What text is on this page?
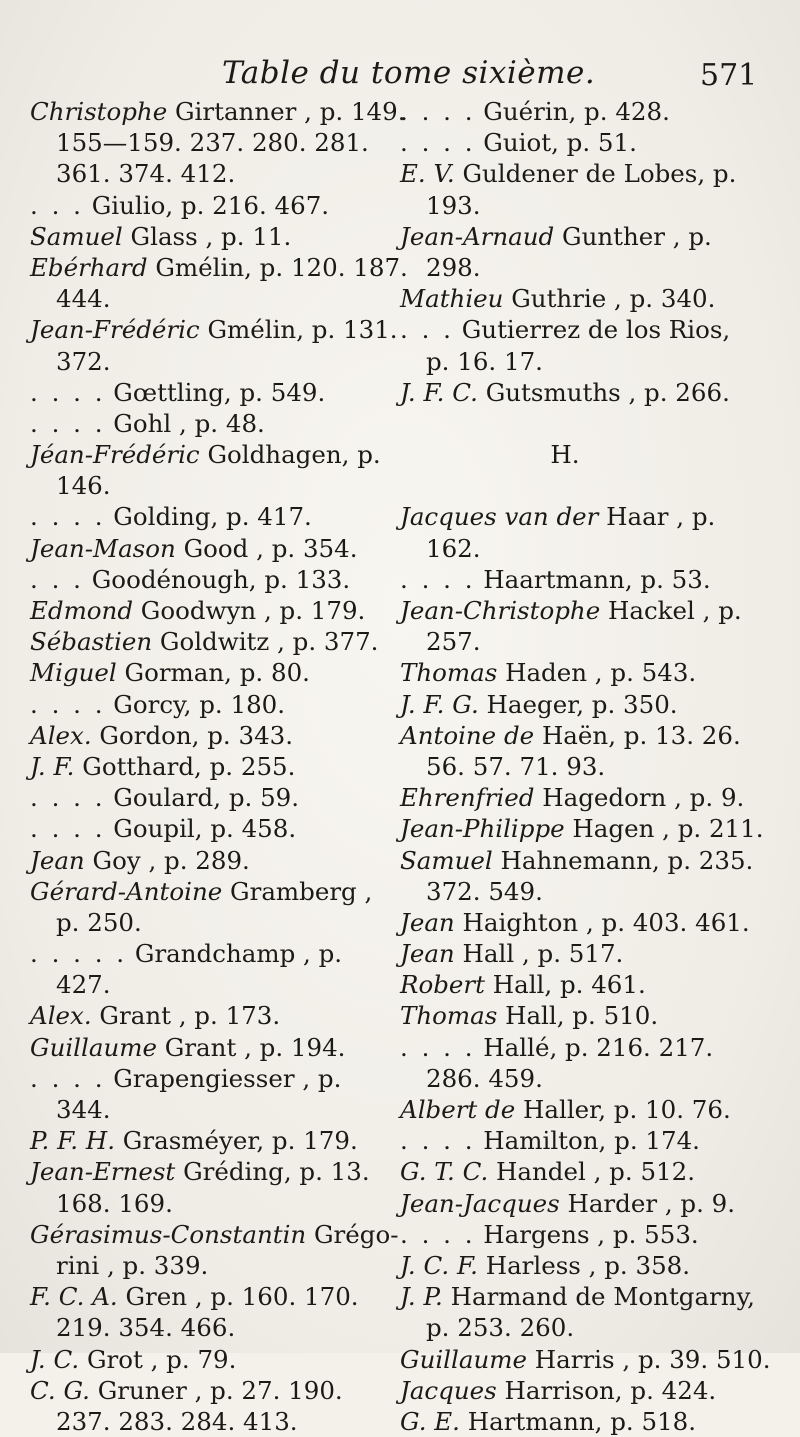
Table du tome sixième.	571
Christophe Girtanner , p. 149.
155—159. 237. 280. 281.
361. 374. 412.
. . . Giulio, p. 216. 467.
Samuel Glass , p. 11.
Ebérhard Gmélin, p. 120. 187.
444.
Jean-Frédéric Gmélin, p. 131.
372.
. . . . Gœttling, p. 549.
. . . . Gohl , p. 48.
Jéan-Frédéric Goldhagen, p.
146.
. . . . Golding, p. 417.
Jean-Mason Good , p. 354.
. . . Goodénough, p. 133.
Edmond Goodwyn , p. 179.
Sébastien Goldwitz , p. 377.
Miguel Gorman, p. 80.
. . . . Gorcy, p. 180.
Alex. Gordon, p. 343.
J. F. Gotthard, p. 255.
. . . . Goulard, p. 59.
. . . . Goupil, p. 458.
Jean Goy , p. 289.
Gérard-Antoine Gramberg ,
p. 250.
. . . . . Grandchamp , p.
427.
Alex. Grant , p. 173.
Guillaume Grant , p. 194.
. . . . Grapengiesser , p.
344.
P. F. H. Grasméyer, p. 179.
Jean-Ernest Gréding, p. 13.
168. 169.
Gérasimus-Constantin Grégo-
rini , p. 339.
F. C. A. Gren , p. 160. 170.
219. 354. 466.
J. C. Grot , p. 79.
C. G. Gruner , p. 27. 190.
237. 283. 284. 413.
. . . . Guérin, p. 428.
. . . . Guiot, p. 51.
E. V. Guldener de Lobes, p.
193.
Jean-Arnaud Gunther , p.
298.
Mathieu Guthrie , p. 340.
. . . Gutierrez de los Rios,
p. 16. 17.
J. F. C. Gutsmuths , p. 266.
H.
Jacques van der Haar , p.
162.
. . . . Haartmann, p. 53.
Jean-Christophe Hackel , p.
257.
Thomas Haden , p. 543.
J. F. G. Haeger, p. 350.
Antoine de Haën, p. 13. 26.
56. 57. 71. 93.
Ehrenfried Hagedorn , p. 9.
Jean-Philippe Hagen , p. 211.
Samuel Hahnemann, p. 235.
372. 549.
Jean Haighton , p. 403. 461.
Jean Hall , p. 517.
Robert Hall, p. 461.
Thomas Hall, p. 510.
. . . . Hallé, p. 216. 217.
286. 459.
Albert de Haller, p. 10. 76.
. . . . Hamilton, p. 174.
G. T. C. Handel , p. 512.
Jean-Jacques Harder , p. 9.
. . . . Hargens , p. 553.
J. C. F. Harless , p. 358.
J. P. Harmand de Montgarny,
p. 253. 260.
Guillaume Harris , p. 39. 510.
Jacques Harrison, p. 424.
G. E. Hartmann, p. 518.
